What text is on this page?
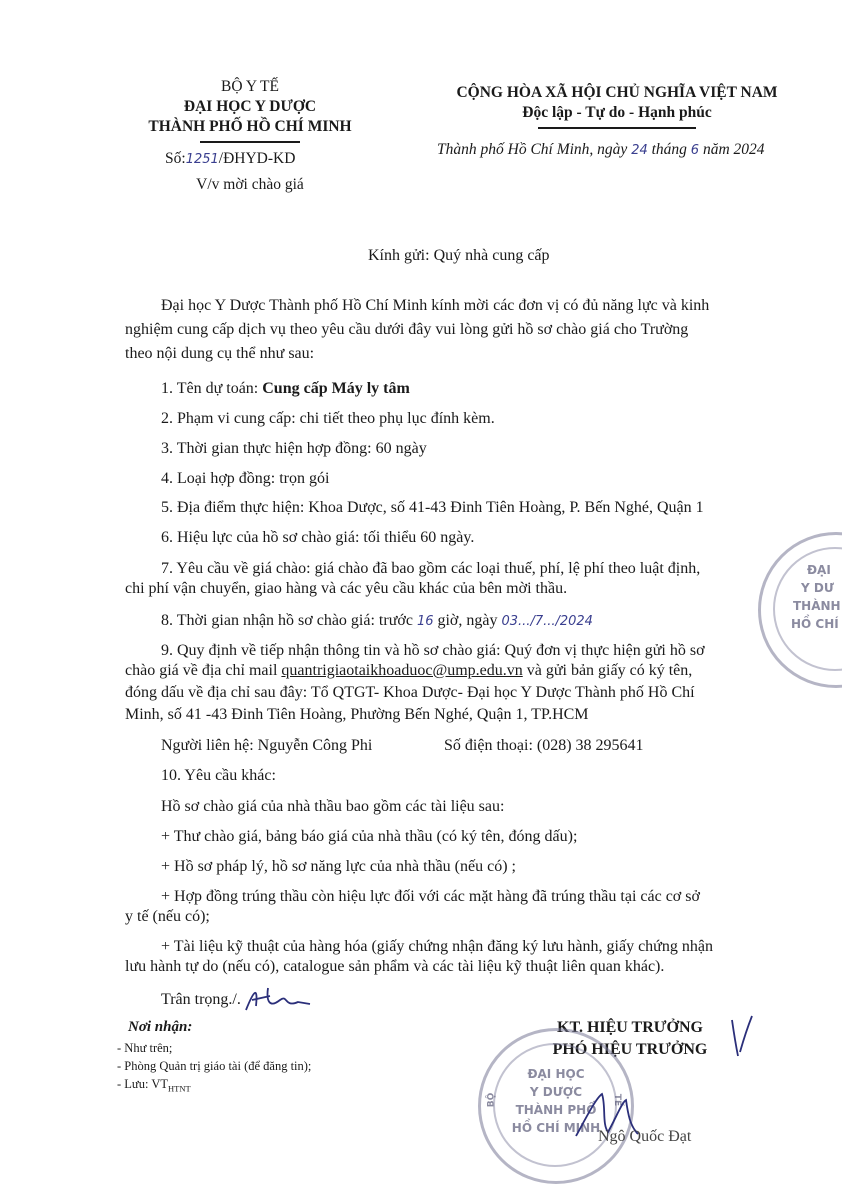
BỘ Y TẾ
ĐẠI HỌC Y DƯỢC
THÀNH PHỐ HỒ CHÍ MINH
Số:1251/ĐHYD-KD
V/v mời chào giá
CỘNG HÒA XÃ HỘI CHỦ NGHĨA VIỆT NAM
Độc lập - Tự do - Hạnh phúc
Thành phố Hồ Chí Minh, ngày 24 tháng 6 năm 2024
Kính gửi: Quý nhà cung cấp
Đại học Y Dược Thành phố Hồ Chí Minh kính mời các đơn vị có đủ năng lực và kinh
nghiệm cung cấp dịch vụ theo yêu cầu dưới đây vui lòng gửi hồ sơ chào giá cho Trường
theo nội dung cụ thể như sau:
1. Tên dự toán: Cung cấp Máy ly tâm
2. Phạm vi cung cấp: chi tiết theo phụ lục đính kèm.
3. Thời gian thực hiện hợp đồng: 60 ngày
4. Loại hợp đồng: trọn gói
5. Địa điểm thực hiện: Khoa Dược, số 41-43 Đinh Tiên Hoàng, P. Bến Nghé, Quận 1
6. Hiệu lực của hồ sơ chào giá: tối thiểu 60 ngày.
7. Yêu cầu về giá chào: giá chào đã bao gồm các loại thuế, phí, lệ phí theo luật định,
chi phí vận chuyển, giao hàng và các yêu cầu khác của bên mời thầu.
8. Thời gian nhận hồ sơ chào giá: trước 16 giờ, ngày 03.../7.../2024
9. Quy định về tiếp nhận thông tin và hồ sơ chào giá: Quý đơn vị thực hiện gửi hồ sơ
chào giá về địa chỉ mail quantrigiaotaikhoaduoc@ump.edu.vn và gửi bản giấy có ký tên,
đóng dấu về địa chỉ sau đây: Tổ QTGT- Khoa Dược- Đại học Y Dược Thành phố Hồ Chí
Minh, số 41 -43 Đinh Tiên Hoàng, Phường Bến Nghé, Quận 1, TP.HCM
Người liên hệ: Nguyễn Công Phi	Số điện thoại: (028) 38 295641
10. Yêu cầu khác:
Hồ sơ chào giá của nhà thầu bao gồm các tài liệu sau:
+ Thư chào giá, bảng báo giá của nhà thầu (có ký tên, đóng dấu);
+ Hồ sơ pháp lý, hồ sơ năng lực của nhà thầu (nếu có) ;
+ Hợp đồng trúng thầu còn hiệu lực đối với các mặt hàng đã trúng thầu tại các cơ sở
y tế (nếu có);
+ Tài liệu kỹ thuật của hàng hóa (giấy chứng nhận đăng ký lưu hành, giấy chứng nhận
lưu hành tự do (nếu có), catalogue sản phẩm và các tài liệu kỹ thuật liên quan khác).
Trân trọng./.
Nơi nhận:
- Như trên;
- Phòng Quản trị giáo tài (để đăng tin);
- Lưu: $VT_{HTNT}$
KT. HIỆU TRƯỞNG
PHÓ HIỆU TRƯỞNG
ĐẠI HỌC
Y DƯỢC
THÀNH PHỐ
HỒ CHÍ MINH
BỘ	TẾ
Ngô Quốc Đạt
ĐẠI
Y DƯ
THÀNH
HỒ CHÍ
